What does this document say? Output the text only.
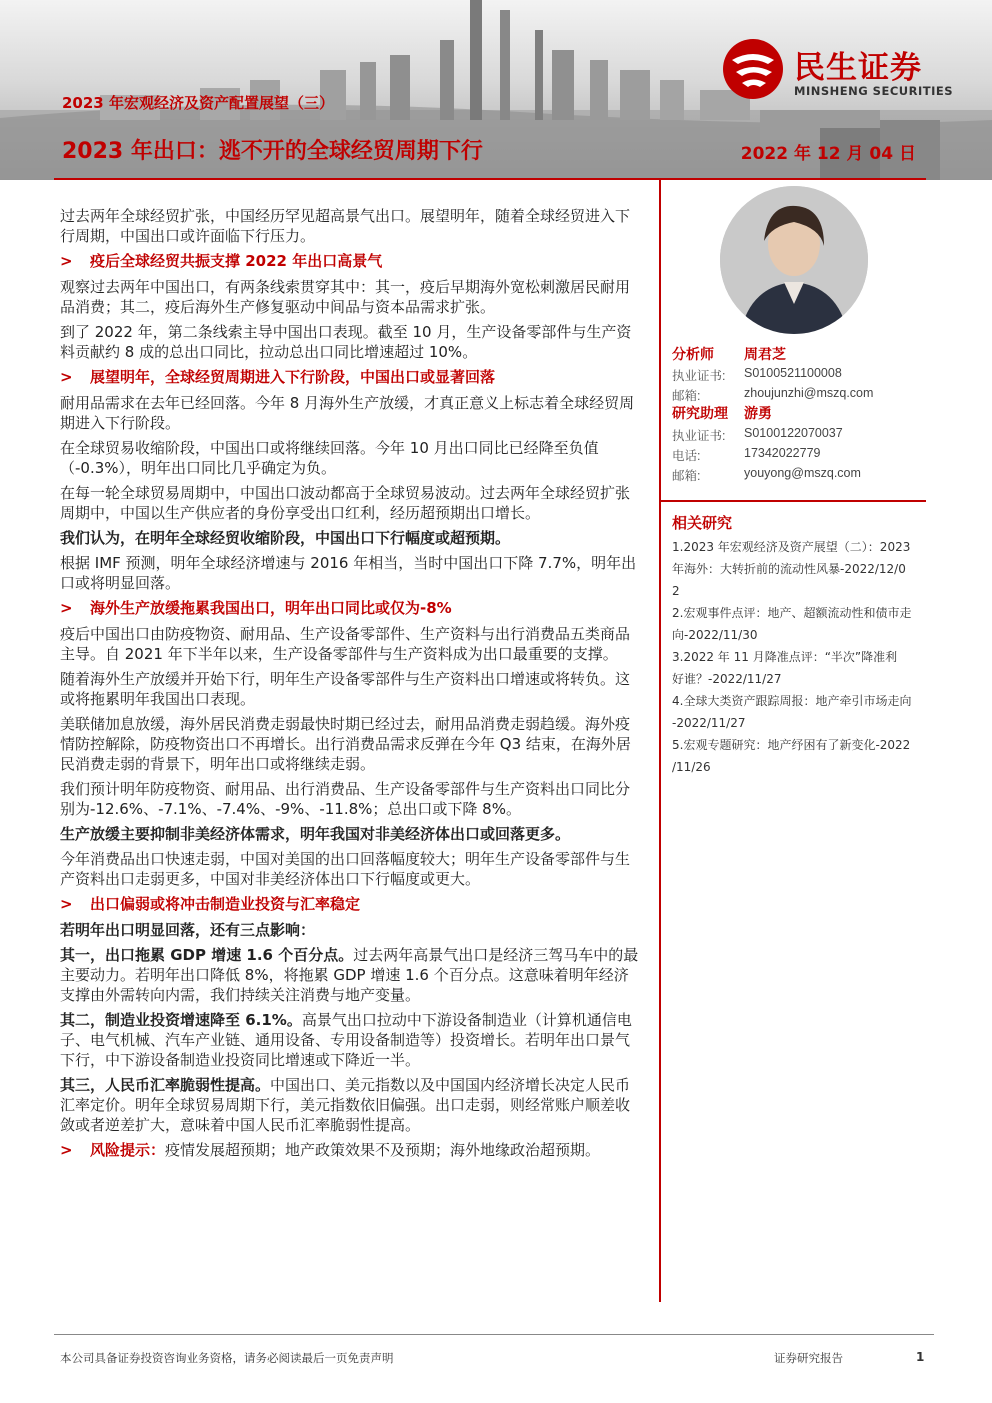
2023 年宏观经济及资产配置展望（三）
2023 年出口：逃不开的全球经贸周期下行	2022 年 12 月 04 日
民生证券
MINSHENG SECURITIES

过去两年全球经贸扩张，中国经历罕见超高景气出口。展望明年，随着全球经贸进入下行周期，中国出口或许面临下行压力。

> 疫后全球经贸共振支撑 2022 年出口高景气

观察过去两年中国出口，有两条线索贯穿其中：其一，疫后早期海外宽松刺激居民耐用品消费；其二，疫后海外生产修复驱动中间品与资本品需求扩张。

到了 2022 年，第二条线索主导中国出口表现。截至 10 月，生产设备零部件与生产资料贡献约 8 成的总出口同比，拉动总出口同比增速超过 10%。

> 展望明年，全球经贸周期进入下行阶段，中国出口或显著回落

耐用品需求在去年已经回落。今年 8 月海外生产放缓，才真正意义上标志着全球经贸周期进入下行阶段。

在全球贸易收缩阶段，中国出口或将继续回落。今年 10 月出口同比已经降至负值（-0.3%），明年出口同比几乎确定为负。

在每一轮全球贸易周期中，中国出口波动都高于全球贸易波动。过去两年全球经贸扩张周期中，中国以生产供应者的身份享受出口红利，经历超预期出口增长。

我们认为，在明年全球经贸收缩阶段，中国出口下行幅度或超预期。

根据 IMF 预测，明年全球经济增速与 2016 年相当，当时中国出口下降 7.7%，明年出口或将明显回落。

> 海外生产放缓拖累我国出口，明年出口同比或仅为-8%

疫后中国出口由防疫物资、耐用品、生产设备零部件、生产资料与出行消费品五类商品主导。自 2021 年下半年以来，生产设备零部件与生产资料成为出口最重要的支撑。

随着海外生产放缓并开始下行，明年生产设备零部件与生产资料出口增速或将转负。这或将拖累明年我国出口表现。

美联储加息放缓，海外居民消费走弱最快时期已经过去，耐用品消费走弱趋缓。海外疫情防控解除，防疫物资出口不再增长。出行消费品需求反弹在今年 Q3 结束，在海外居民消费走弱的背景下，明年出口或将继续走弱。

我们预计明年防疫物资、耐用品、出行消费品、生产设备零部件与生产资料出口同比分别为-12.6%、-7.1%、-7.4%、-9%、-11.8%；总出口或下降 8%。

生产放缓主要抑制非美经济体需求，明年我国对非美经济体出口或回落更多。

今年消费品出口快速走弱，中国对美国的出口回落幅度较大；明年生产设备零部件与生产资料出口走弱更多，中国对非美经济体出口下行幅度或更大。

> 出口偏弱或将冲击制造业投资与汇率稳定

若明年出口明显回落，还有三点影响：

其一，出口拖累 GDP 增速 1.6 个百分点。过去两年高景气出口是经济三驾马车中的最主要动力。若明年出口降低 8%，将拖累 GDP 增速 1.6 个百分点。这意味着明年经济支撑由外需转向内需，我们持续关注消费与地产变量。

其二，制造业投资增速降至 6.1%。高景气出口拉动中下游设备制造业（计算机通信电子、电气机械、汽车产业链、通用设备、专用设备制造等）投资增长。若明年出口景气下行，中下游设备制造业投资同比增速或下降近一半。

其三，人民币汇率脆弱性提高。中国出口、美元指数以及中国国内经济增长决定人民币汇率定价。明年全球贸易周期下行，美元指数依旧偏强。出口走弱，则经常账户顺差收敛或者逆差扩大，意味着中国人民币汇率脆弱性提高。

> 风险提示：疫情发展超预期；地产政策效果不及预期；海外地缘政治超预期。

分析师 周君芝
执业证书: S0100521100008
邮箱:	zhoujunzhi@mszq.com
研究助理 游勇
执业证书: S0100122070037
电话:	17342022779
邮箱:	youyong@mszq.com
相关研究
1.2023 年宏观经济及资产展望（二）：2023
年海外：大转折前的流动性风暴-2022/12/0
2
2.宏观事件点评：地产、超额流动性和债市走
向-2022/11/30
3.2022 年 11 月降准点评：“半次”降准利
好谁？-2022/11/27
4.全球大类资产跟踪周报：地产牵引市场走向
-2022/11/27
5.宏观专题研究：地产纾困有了新变化-2022
/11/26
本公司具备证券投资咨询业务资格，请务必阅读最后一页免责声明	证券研究报告	1
